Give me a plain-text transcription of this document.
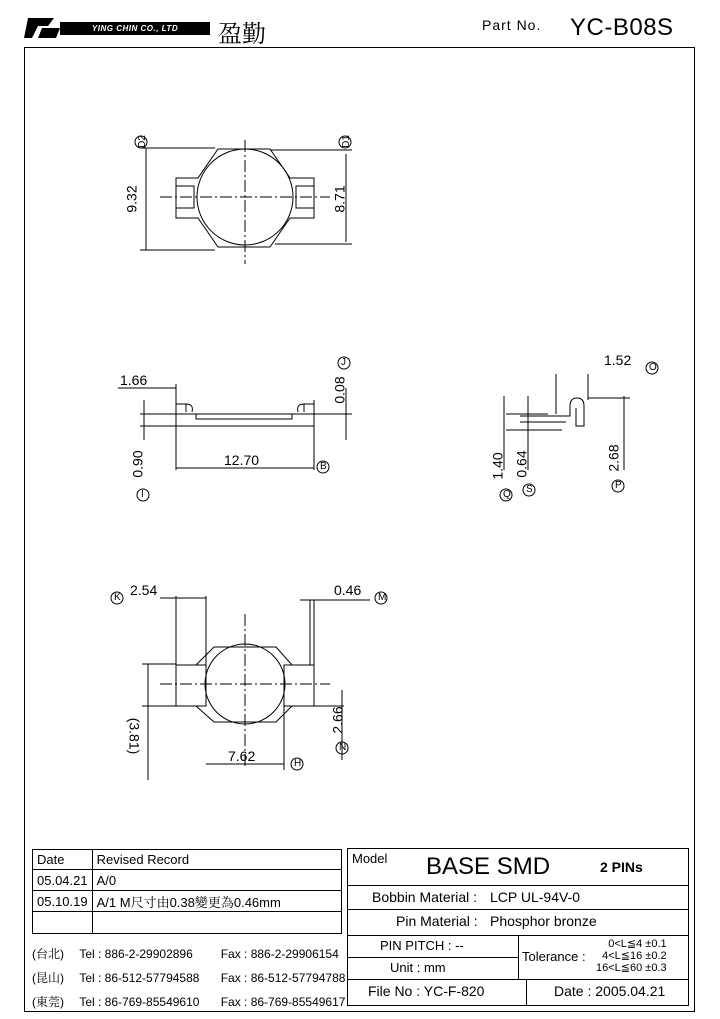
YING CHIN CO., LTD	盈勤	Part No. YC-B08S
D2	D1
J
B
I
O
Q S	P
K	M
N
H
9.32	8.71
1.66	0.08
0.90	12.70
1.52
1.40 0.64	2.68
2.54	0.46
(3.81)	2.66
7.62
Date	Revised Record
05.04.21	A/0
05.10.19	A/1 M尺寸由0.38變更為0.46mm

(台北) Tel : 886-2-29902896 Fax : 886-2-29906154
(昆山) Tel : 86-512-57794588 Fax : 86-512-57794788
(東莞) Tel : 86-769-85549610 Fax : 86-769-85549617
Model BASE SMD	2 PINs
Bobbin Material : LCP UL-94V-0
Pin Material : Phosphor bronze
PIN PITCH : --
Unit : mm
Tolerance :
0<L≦4 ±0.1
4<L≦16 ±0.2
16<L≦60 ±0.3
File No : YC-F-820	Date : 2005.04.21
